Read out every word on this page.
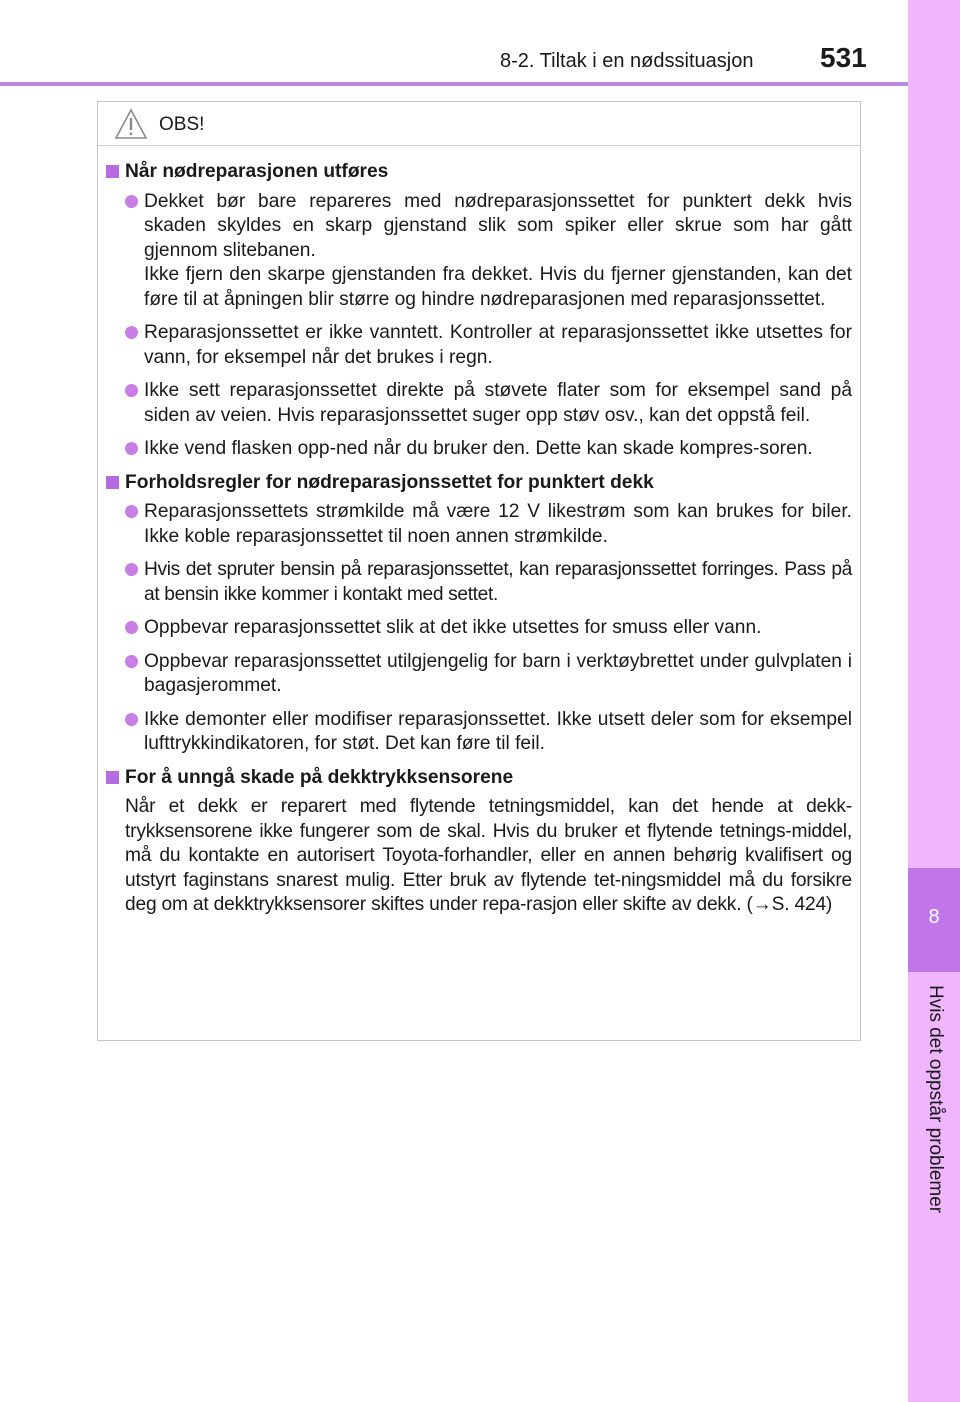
8-2. Tiltak i en nødssituasjon 531
8
Hvis det oppstår problemer
OBS!
Når nødreparasjonen utføres

Dekket bør bare repareres med nødreparasjonssettet for punktert dekk hvis skaden skyldes en skarp gjenstand slik som spiker eller skrue som har gått gjennom slitebanen.

Ikke fjern den skarpe gjenstanden fra dekket. Hvis du fjerner gjenstanden, kan det føre til at åpningen blir større og hindre nødreparasjonen med reparasjonssettet.

Reparasjonssettet er ikke vanntett. Kontroller at reparasjonssettet ikke utsettes for vann, for eksempel når det brukes i regn.

Ikke sett reparasjonssettet direkte på støvete flater som for eksempel sand på siden av veien. Hvis reparasjonssettet suger opp støv osv., kan det oppstå feil.

Ikke vend flasken opp-ned når du bruker den. Dette kan skade kompres-soren.

Forholdsregler for nødreparasjonssettet for punktert dekk

Reparasjonssettets strømkilde må være 12 V likestrøm som kan brukes for biler. Ikke koble reparasjonssettet til noen annen strømkilde.

Hvis det spruter bensin på reparasjonssettet, kan reparasjonssettet forringes. Pass på at bensin ikke kommer i kontakt med settet.

Oppbevar reparasjonssettet slik at det ikke utsettes for smuss eller vann.

Oppbevar reparasjonssettet utilgjengelig for barn i verktøybrettet under gulvplaten i bagasjerommet.

Ikke demonter eller modifiser reparasjonssettet. Ikke utsett deler som for eksempel lufttrykkindikatoren, for støt. Det kan føre til feil.

For å unngå skade på dekktrykksensorene

Når et dekk er reparert med flytende tetningsmiddel, kan det hende at dekk-trykksensorene ikke fungerer som de skal. Hvis du bruker et flytende tetnings-middel, må du kontakte en autorisert Toyota-forhandler, eller en annen behørig kvalifisert og utstyrt faginstans snarest mulig. Etter bruk av flytende tet-ningsmiddel må du forsikre deg om at dekktrykksensorer skiftes under repa-rasjon eller skifte av dekk. (→S. 424)
